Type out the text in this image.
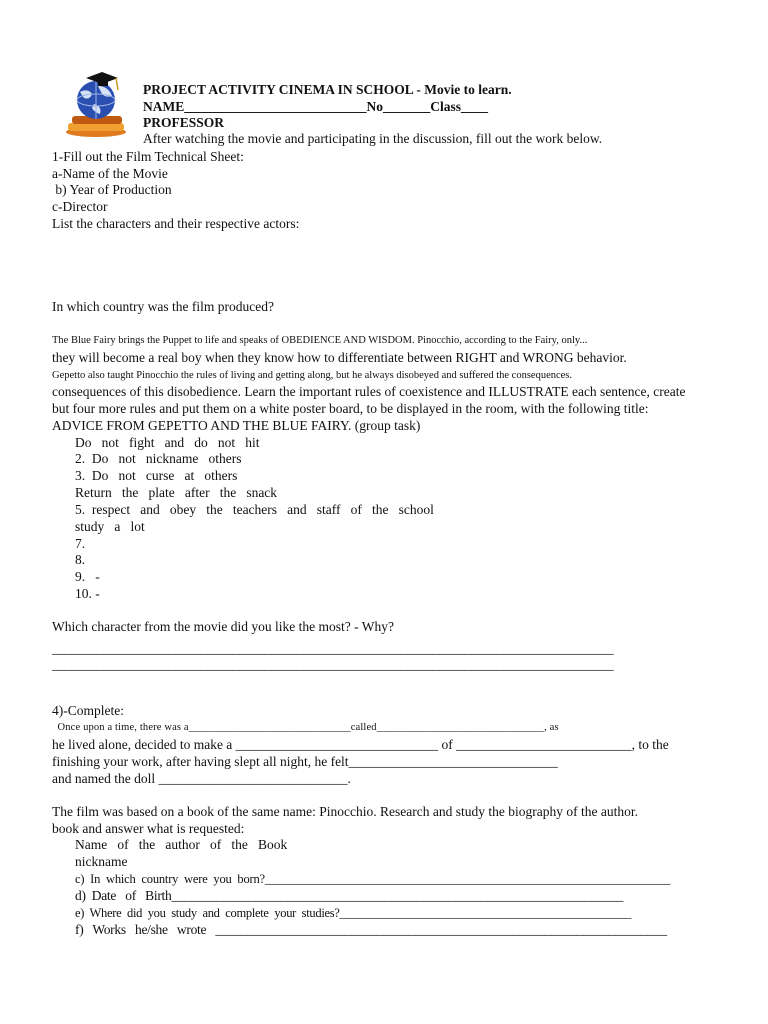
PROJECT ACTIVITY CINEMA IN SCHOOL - Movie to learn.
NAME___________________________No_______Class____
PROFESSOR
After watching the movie and participating in the discussion, fill out the work below.
1-Fill out the Film Technical Sheet:
a-Name of the Movie
b) Year of Production
c-Director
List the characters and their respective actors:
In which country was the film produced?
The Blue Fairy brings the Puppet to life and speaks of OBEDIENCE AND WISDOM. Pinocchio, according to the Fairy, only...
they will become a real boy when they know how to differentiate between RIGHT and WRONG behavior.
Gepetto also taught Pinocchio the rules of living and getting along, but he always disobeyed and suffered the consequences.
consequences of this disobedience. Learn the important rules of coexistence and ILLUSTRATE each sentence, create
but four more rules and put them on a white poster board, to be displayed in the room, with the following title:
ADVICE FROM GEPETTO AND THE BLUE FAIRY. (group task)
Do   not   fight   and   do   not   hit
2.  Do   not   nickname   others
3.  Do   not   curse   at   others
Return   the   plate   after   the   snack
5.  respect   and   obey   the   teachers   and   staff   of   the   school
study   a   lot
7.
8.
9.   -
10. -
Which character from the movie did you like the most? - Why?
_______________________________________________________________________________________
_______________________________________________________________________________________
4)-Complete:
Once upon a time, there was a______________________________called_______________________________, as
he lived alone, decided to make a ______________________________ of __________________________, to the
finishing your work, after having slept all night, he felt_______________________________
and named the doll ____________________________.
The film was based on a book of the same name: Pinocchio. Research and study the biography of the author.
book and answer what is requested:
Name   of   the   author   of   the   Book
nickname
c)  In  which  country  were  you  born?___________________________________________________________________
d)  Date   of   Birth______________________________________________________________________
e)  Where  did  you  study  and  complete  your  studies?_________________________________________________
f)   Works   he/she   wrote   ______________________________________________________________________
